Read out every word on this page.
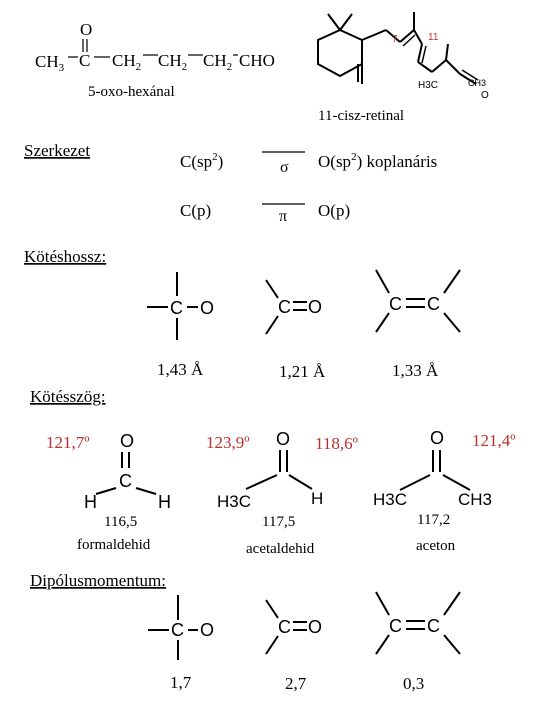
O
$CH_3$ C $CH_2$ $CH_2$ $CH_2$ CHO
5-oxo-hexánal
7	11
H3C	CH3
O
11-cisz-retinal
Szerkezet
$C(sp^2)$	σ $O(sp^2)$ koplanáris
C(p)	π O(p)
Kötéshossz:
C O
1,43 Å
C O
1,21 Å
C C
1,33 Å
Kötésszög:
121,7º O
C
H	H
116,5
formaldehid
123,9º O 118,6º
H3C	H
117,5
acetaldehid
O 121,4º
H3C	CH3
117,2
aceton
Dipólusmomentum:
C O
1,7
C O
2,7
C C
0,3
